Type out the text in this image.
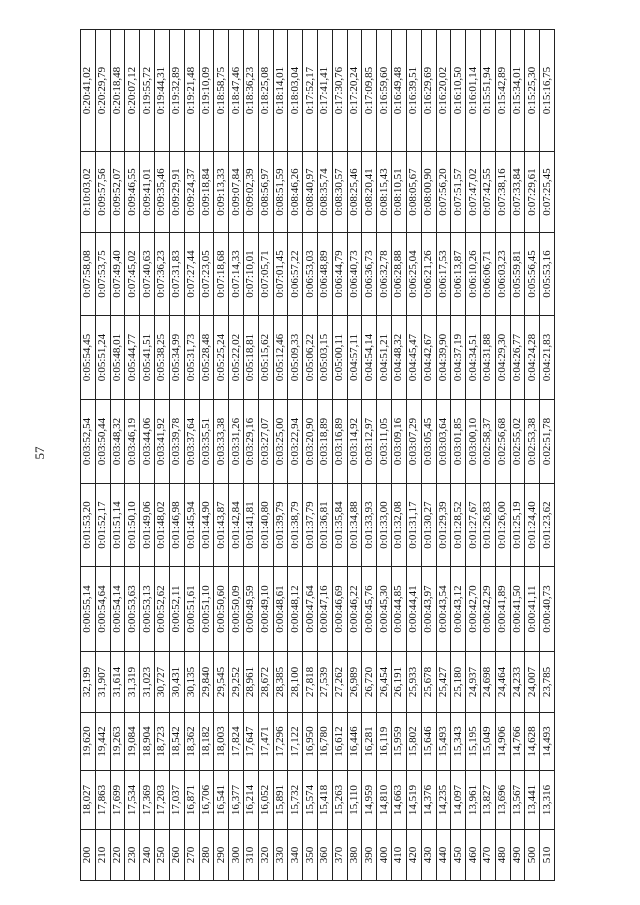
57
200	18,027	19,620	32,199	0:00:55,14	0:01:53,20	0:03:52,54	0:05:54,45	0:07:58,08	0:10:03,02	0:20:41,02
210	17,863	19,442	31,907	0:00:54,64	0:01:52,17	0:03:50,44	0:05:51,24	0:07:53,75	0:09:57,56	0:20:29,79
220	17,699	19,263	31,614	0:00:54,14	0:01:51,14	0:03:48,32	0:05:48,01	0:07:49,40	0:09:52,07	0:20:18,48
230	17,534	19,084	31,319	0:00:53,63	0:01:50,10	0:03:46,19	0:05:44,77	0:07:45,02	0:09:46,55	0:20:07,12
240	17,369	18,904	31,023	0:00:53,13	0:01:49,06	0:03:44,06	0:05:41,51	0:07:40,63	0:09:41,01	0:19:55,72
250	17,203	18,723	30,727	0:00:52,62	0:01:48,02	0:03:41,92	0:05:38,25	0:07:36,23	0:09:35,46	0:19:44,31
260	17,037	18,542	30,431	0:00:52,11	0:01:46,98	0:03:39,78	0:05:34,99	0:07:31,83	0:09:29,91	0:19:32,89
270	16,871	18,362	30,135	0:00:51,61	0:01:45,94	0:03:37,64	0:05:31,73	0:07:27,44	0:09:24,37	0:19:21,48
280	16,706	18,182	29,840	0:00:51,10	0:01:44,90	0:03:35,51	0:05:28,48	0:07:23,05	0:09:18,84	0:19:10,09
290	16,541	18,003	29,545	0:00:50,60	0:01:43,87	0:03:33,38	0:05:25,24	0:07:18,68	0:09:13,33	0:18:58,75
300	16,377	17,824	29,252	0:00:50,09	0:01:42,84	0:03:31,26	0:05:22,02	0:07:14,33	0:09:07,84	0:18:47,46
310	16,214	17,647	28,961	0:00:49,59	0:01:41,81	0:03:29,16	0:05:18,81	0:07:10,01	0:09:02,39	0:18:36,23
320	16,052	17,471	28,672	0:00:49,10	0:01:40,80	0:03:27,07	0:05:15,62	0:07:05,71	0:08:56,97	0:18:25,08
330	15,891	17,296	28,385	0:00:48,61	0:01:39,79	0:03:25,00	0:05:12,46	0:07:01,45	0:08:51,59	0:18:14,01
340	15,732	17,122	28,100	0:00:48,12	0:01:38,79	0:03:22,94	0:05:09,33	0:06:57,22	0:08:46,26	0:18:03,04
350	15,574	16,950	27,818	0:00:47,64	0:01:37,79	0:03:20,90	0:05:06,22	0:06:53,03	0:08:40,97	0:17:52,17
360	15,418	16,780	27,539	0:00:47,16	0:01:36,81	0:03:18,89	0:05:03,15	0:06:48,89	0:08:35,74	0:17:41,41
370	15,263	16,612	27,262	0:00:46,69	0:01:35,84	0:03:16,89	0:05:00,11	0:06:44,79	0:08:30,57	0:17:30,76
380	15,110	16,446	26,989	0:00:46,22	0:01:34,88	0:03:14,92	0:04:57,11	0:06:40,73	0:08:25,46	0:17:20,24
390	14,959	16,281	26,720	0:00:45,76	0:01:33,93	0:03:12,97	0:04:54,14	0:06:36,73	0:08:20,41	0:17:09,85
400	14,810	16,119	26,454	0:00:45,30	0:01:33,00	0:03:11,05	0:04:51,21	0:06:32,78	0:08:15,43	0:16:59,60
410	14,663	15,959	26,191	0:00:44,85	0:01:32,08	0:03:09,16	0:04:48,32	0:06:28,88	0:08:10,51	0:16:49,48
420	14,519	15,802	25,933	0:00:44,41	0:01:31,17	0:03:07,29	0:04:45,47	0:06:25,04	0:08:05,67	0:16:39,51
430	14,376	15,646	25,678	0:00:43,97	0:01:30,27	0:03:05,45	0:04:42,67	0:06:21,26	0:08:00,90	0:16:29,69
440	14,235	15,493	25,427	0:00:43,54	0:01:29,39	0:03:03,64	0:04:39,90	0:06:17,53	0:07:56,20	0:16:20,02
450	14,097	15,343	25,180	0:00:43,12	0:01:28,52	0:03:01,85	0:04:37,19	0:06:13,87	0:07:51,57	0:16:10,50
460	13,961	15,195	24,937	0:00:42,70	0:01:27,67	0:03:00,10	0:04:34,51	0:06:10,26	0:07:47,02	0:16:01,14
470	13,827	15,049	24,698	0:00:42,29	0:01:26,83	0:02:58,37	0:04:31,88	0:06:06,71	0:07:42,55	0:15:51,94
480	13,696	14,906	24,464	0:00:41,89	0:01:26,00	0:02:56,68	0:04:29,30	0:06:03,23	0:07:38,16	0:15:42,89
490	13,567	14,766	24,233	0:00:41,50	0:01:25,19	0:02:55,02	0:04:26,77	0:05:59,81	0:07:33,84	0:15:34,01
500	13,441	14,628	24,007	0:00:41,11	0:01:24,40	0:02:53,38	0:04:24,28	0:05:56,45	0:07:29,61	0:15:25,30
510	13,316	14,493	23,785	0:00:40,73	0:01:23,62	0:02:51,78	0:04:21,83	0:05:53,16	0:07:25,45	0:15:16,75
